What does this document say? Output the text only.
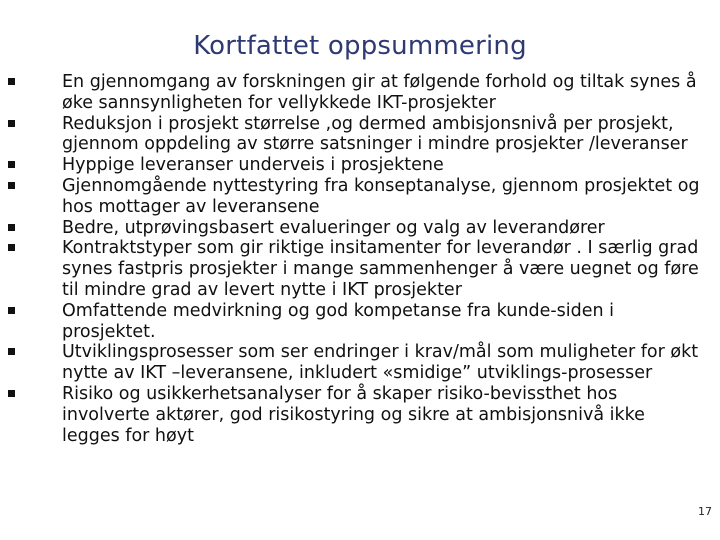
Kortfattet oppsummering
En gjennomgang av forskningen gir at følgende forhold og tiltak synes å øke sannsynligheten for vellykkede IKT-prosjekter
Reduksjon i prosjekt størrelse ,og dermed ambisjonsnivå per prosjekt, gjennom oppdeling av større satsninger i mindre prosjekter /leveranser
Hyppige leveranser underveis i prosjektene
Gjennomgående nyttestyring fra konseptanalyse, gjennom prosjektet og hos mottager av leveransene
Bedre, utprøvingsbasert evalueringer og valg av leverandører
Kontraktstyper som gir riktige insitamenter for leverandør . I særlig grad synes fastpris prosjekter i mange sammenhenger å være uegnet og føre til mindre grad av levert nytte i IKT prosjekter
Omfattende medvirkning og god kompetanse fra kunde-siden i prosjektet.
Utviklingsprosesser som ser endringer i krav/mål som muligheter for økt nytte av IKT –leveransene, inkludert «smidige” utviklings-prosesser
Risiko og usikkerhetsanalyser for å skaper risiko-bevissthet hos involverte aktører, god risikostyring og sikre at ambisjonsnivå ikke legges for høyt
17
